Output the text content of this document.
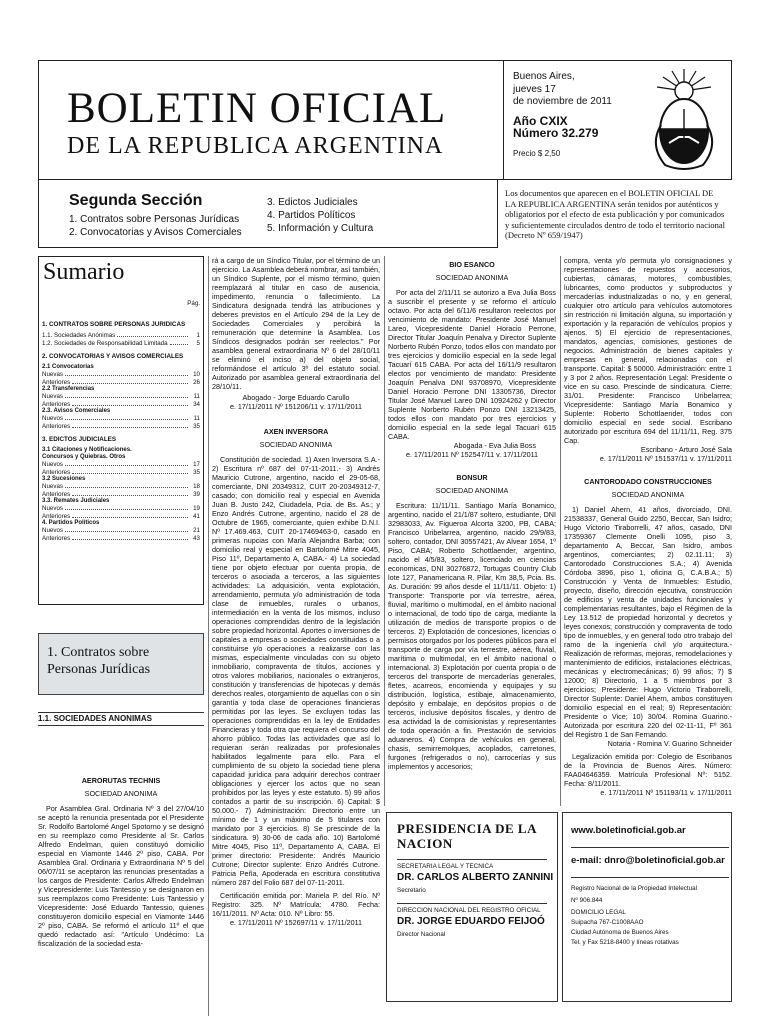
BOLETIN OFICIAL
DE LA REPUBLICA ARGENTINA
Buenos Aires,
jueves 17
de noviembre de 2011
Año CXIX
Número 32.279
Precio $ 2,50
Segunda Sección
1. Contratos sobre Personas Jurídicas
2. Convocatorias y Avisos Comerciales
3. Edictos Judiciales
4. Partidos Políticos
5. Información y Cultura
Los documentos que aparecen en el BOLETIN OFICIAL DE LA REPUBLICA ARGENTINA serán tenidos por auténticos y obligatorios por el efecto de esta publicación y por comunicados y suficientemente circulados dentro de todo el territorio nacional (Decreto Nº 659/1947)
Sumario
Pág.
1. CONTRATOS SOBRE PERSONAS JURIDICAS
1.1. Sociedades Anónimas	1
1.2. Sociedades de Responsabilidad Limitada	5
2. CONVOCATORIAS Y AVISOS COMERCIALES
2.1 Convocatorias
Nuevas	10
Anteriores	26
2.2 Transferencias
Nuevas	11
Anteriores	34
2.3. Avisos Comerciales
Nuevos	11
Anteriores	35
3. EDICTOS JUDICIALES
3.1 Citaciones y Notificaciones.
Concursos y Quiebras. Otros
Nuevos	17
Anteriores	35
3.2 Sucesiones
Nuevas	18
Anteriores	39
3.3. Remates Judiciales
Nuevos	19
Anteriores	41
4. Partidos Políticos
Nuevos	21
Anteriores	43
1. Contratos sobre Personas Jurídicas
1.1. SOCIEDADES ANONIMAS
AERORUTAS TECHNIS
SOCIEDAD ANONIMA

Por Asamblea Gral. Ordinaria Nº 3 del 27/04/10 se aceptó la renuncia presentada por el Presidente Sr. Rodolfo Bartolomé Angel Spotorno y se designó en su reemplazo como Presidente al Sr. Carlos Alfredo Endelman, quien constituyó domicilio especial en Viamonte 1446 2º piso, CABA. Por Asamblea Gral. Ordinaria y Extraordinaria Nº 5 del 06/07/11 se aceptaron las renuncias presentadas a los cargos de Presidente: Carlos Alfredo Endelman y Vicepresidente: Luis Tantessio y se designaron en sus reemplazos como Presidente: Luis Tantessio y Vicepresidente: José Eduardo Tantessio, quienes constituyeron domicilio especial en Viamonte 1446 2º piso, CABA. Se reformó el artículo 11º el que quedó redactado así: "Artículo Undécimo: La fiscalización de la sociedad esta-

rá a cargo de un Síndico Titular, por el término de un ejercicio. La Asamblea deberá nombrar, así también, un Síndico Suplente, por el mismo término, quien reemplazará al titular en caso de ausencia, impedimento, renuncia o fallecimiento. La Sindicatura designada tendrá las atribuciones y deberes previstos en el Artículo 294 de la Ley de Sociedades Comerciales y percibirá la remuneración que determine la Asamblea. Los Síndicos designados podrán ser reelectos." Por asamblea general extraordinaria Nº 6 del 28/10/11 se eliminó el inciso a) del objeto social, reformándose el artículo 3º del estatuto social. Autorizado por asamblea general extraordinaria del 28/10/11.

Abogado - Jorge Eduardo Carullo
e. 17/11/2011 Nº 151206/11 v. 17/11/2011
AXEN INVERSORA
SOCIEDAD ANONIMA

Constitución de sociedad. 1) Axen Inversora S.A.- 2) Escritura nº 687 del 07-11-2011.- 3) Andrés Mauricio Cutrone, argentino, nacido el 29-05-68, comerciante, DNI 20349312, CUIT 20-20349312-7, casado; con domicilio real y especial en Avenida Juan B. Justo 242, Ciudadela, Pcia. de Bs. As.; y Enzo Andrés Cutrone, argentino, nacido el 28 de Octubre de 1965, comerciante, quien exhibe D.N.I. Nº 17.469.463, CUIT 20-17469463-0, casado en primeras nupcias con María Alejandra Barba; con domicilio real y especial en Bartolomé Mitre 4045, Piso 11º, Departamento A, CABA.- 4) La sociedad tiene por objeto efectuar por cuenta propia, de terceros o asociada a terceros, a las siguientes actividades: La adquisición, venta explotación, arrendamiento, permuta y/o administración de toda clase de inmuebles, rurales o urbanos, intermediación en la venta de los mismos, incluso operaciones comprendidas dentro de la legislación sobre propiedad horizontal. Aportes o inversiones de capitales a empresas o sociedades constituidas o a constituirse y/o operaciones a realizarse con las mismas, especialmente vinculadas con su objeto inmobiliario, compraventa de títulos, acciones y otros valores mobiliarios, nacionales o extranjeros, constitución y transferencias de hipotecas y demás derechos reales, otorgamiento de aquellas con o sin garantía y toda clase de operaciones financieras permitidas por las leyes. Se excluyen todas las operaciones comprendidas en la ley de Entidades Financieras y toda otra que requiera el concurso del ahorro público. Todas las actividades que así lo requieran serán realizadas por profesionales habilitados legalmente para ello. Para el cumplimiento de su objeto la sociedad tiene plena capacidad jurídica para adquirir derechos contraer obligaciones y ejercer los actos que no sean prohibidos por las leyes y este estatuto. 5) 99 años contados a partir de su inscripción. 6) Capital: $ 50.000.- 7) Administración: Directorio entre un mínimo de 1 y un máximo de 5 titulares con mandato por 3 ejercicios. 8) Se prescinde de la sindicatura. 9) 30-06 de cada año. 10) Bartolomé Mitre 4045, Piso 11º, Departamento A, CABA. El primer directorio: Presidente: Andrés Mauricio Cutrone; Director suplente: Enzo Andrés Cutrone. Patricia Peña, Apoderada en escritura constitutiva número 287 del Folio 687 del 07-11-2011.

Certificación emitida por: Mariela P. del Río. Nº Registro: 325. Nº Matrícula: 4780. Fecha: 16/11/2011. Nº Acta: 010. Nº Libro: 55.

e. 17/11/2011 Nº 152697/11 v. 17/11/2011
BIO ESANCO
SOCIEDAD ANONIMA

Por acta del 2/11/11 se autorizo a Eva Julia Boss a suscribir el presente y se reformo el artículo octavo. Por acta del 6/11/6 resultaron reelectos por vencimiento de mandato: Presidente José Manuel Lareo, Vicepresidente Daniel Horacio Perrone, Director Titular Joaquín Penalva y Director Suplente Norberto Rubén Ponzo, todos ellos con mandato por tres ejercicios y domicilio especial en la sede legal Tacuarí 615 CABA. Por acta del 16/11/9 resultaron electos por vencimiento de mandato: Presidente Joaquín Penalva DNI 93708970, Vicepresidente Daniel Horacio Perrone DNI 13305736, Director Titular José Manuel Lareo DNI 10924262 y Director Suplente Norberto Rubén Ponzo DNI 13213425, todos ellos con mandato por tres ejercicios y domicilio especial en la sede legal Tacuarí 615 CABA.

Abogada - Eva Julia Boss
e. 17/11/2011 Nº 152547/11 v. 17/11/2011
BONSUR
SOCIEDAD ANONIMA

Escritura: 11/11/11. Santiago María Bonamico, argentino, nacido el 21/1/87 soltero, estudiante, DNI 32983033, Av. Figueroa Alcorta 3200, PB, CABA; Francisco Uribelarrea, argentino, nacido 29/9/83, soltero, contador, DNI 30557421, Av Alvear 1654, 1º Piso, CABA; Roberto Schottlaender, argentino, nacido el 4/5/83, soltero, licenciado en ciencias economicas, DNI 30276872, Tortugas Country Club lote 127, Panamericana R. Pilar, Km 38,5, Pcia. Bs. As. Duración: 99 años desde el 11/11/11. Objeto: 1) Transporte: Transporte por vía terrestre, aérea, fluvial, marítimo o multimodal, en el ámbito nacional o internacional, de todo tipo de carga, mediante la utilización de medios de transporte propios o de terceros. 2) Explotación de concesiones, licencias o permisos otorgados por los poderes públicos para el transporte de carga por vía terrestre, aérea, fluvial, marítima o multimodal, en el ámbito nacional o internacional. 3) Explotación por cuenta propia o de terceros del transporte de mercaderías generales, fletes, acarreos, encomienda y equipajes y su distribución, logística, estibaje, almacenamiento, depósito y embalaje, en depósitos propios o de terceros, inclusive depósitos fiscales, y dentro de esa actividad la de comisionistas y representantes de toda operación a fin. Prestación de servicios aduaneros. 4) Compra de vehículos en general, chasis, semirremolques, acoplados, carretones, furgones (refrigerados o no), carrocerías y sus implementos y accesorios;

compra, venta y/o permuta y/o consignaciones y representaciones de repuestos y accesorios, cubiertas, cámaras, motores, combustibles, lubricantes, como productos y subproductos y mercaderías industrializadas o no, y en general, cualquier otro artículo para vehículos automotores sin restricción ni limitación alguna, su importación y exportación y la reparación de vehículos propios y ajenos. 5) El ejercicio de representaciones, mandatos, agencias, comisiones, gestiones de negocios. Administración de bienes capitales y empresas en general, relacionadas con el transporte. Capital: $ 50000. Administración: entre 1 y 3 por 2 años. Representación Legal: Presidente o vice en su caso. Prescinde de sindicatura. Cierre: 31/01. Presidente: Francisco Uribelarrea; Vicepresidente: Santiago María Bonamico y Suplente: Roberto Schottlaender, todos con domicilio especial en sede social. Escribano autorizado por escritura 694 del 11/11/11, Reg. 375 Cap.

Escribano - Arturo José Sala
e. 17/11/2011 Nº 151537/11 v. 17/11/2011
CANTORODADO CONSTRUCCIONES
SOCIEDAD ANONIMA

1) Daniel Ahern, 41 años, divorciado, DNI. 21538337, General Guido 2250, Beccar, San Isidro; Hugo Victorio Tiraborrelli, 47 años, casado, DNI 17359367 Clemente Onelli 1095, piso 3, departamento A, Beccar, San Isidro, ambos argentinos, comerciantes; 2) 02.11.11; 3) Cantorodado Construcciones S.A.; 4) Avenida Córdoba 3896, piso 1, oficina G, C.A.B.A.; 5) Construcción y Venta de Inmuebles: Estudio, proyecto, diseño, dirección ejecutiva, construcción de edificios y venta de unidades funcionales y complementarias resultantes, bajo el Régimen de la Ley 13.512 de propiedad horizontal y decretos y leyes conexos; construcción y compraventa de todo tipo de inmuebles, y en general todo otro trabajo del ramo de la ingeniería civil y/o arquitectura.- Realización de reformas, mejoras, remodelaciones y mantenimiento de edificios, instalaciones eléctricas, mecánicas y electromecánicas; 6) 99 años; 7) $ 12000; 8) Directorio, 1 a 5 miembros por 3 ejercicios; Presidente: Hugo Victorio Tiraborrelli, Director Suplente: Daniel Ahern, ambos constituyen domicilio especial en el real; 9) Representación: Presidente o Vice; 10) 30/04. Romina Guarino.- Autorizada por escritura 220 del 02-11-11, Fº 361 del Registro 1 de San Fernando.

Notaria - Romina V. Guarino Schneider

Legalización emitida por: Colegio de Escribanos de la Provincia de Buenos Aires. Número: FAA04646359. Matrícula Profesional Nº: 5152. Fecha: 8/11/2011.

e. 17/11/2011 Nº 151193/11 v. 17/11/2011
PRESIDENCIA DE LA NACION
SECRETARIA LEGAL Y TECNICA
DR. CARLOS ALBERTO ZANNINI
Secretario
DIRECCION NACIONAL DEL REGISTRO OFICIAL
DR. JORGE EDUARDO FEIJOÓ
Director Nacional
www.boletinoficial.gob.ar
e-mail: dnro@boletinoficial.gob.ar
Registro Nacional de la Propiedad Intelectual
Nº 906.844
DOMICILIO LEGAL
Suipacha 767-C1008AAO
Ciudad Autónoma de Buenos Aires
Tel. y Fax 5218-8400 y líneas rotativas
